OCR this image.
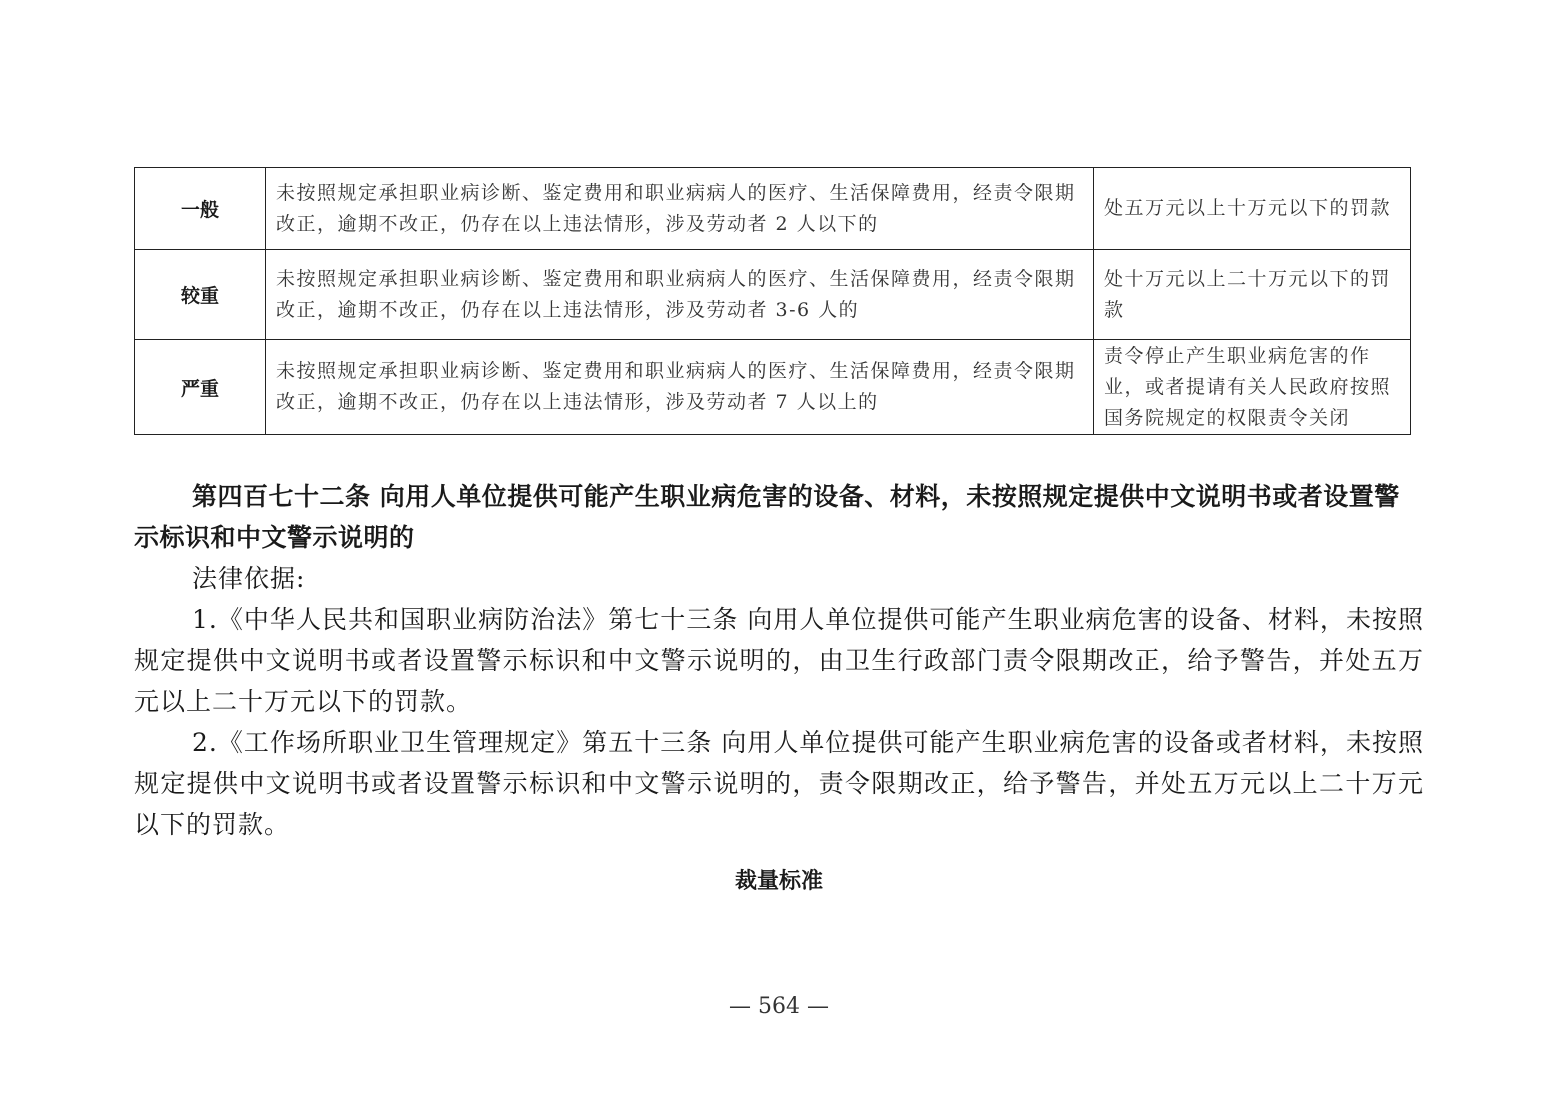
一般	未按照规定承担职业病诊断、鉴定费用和职业病病人的医疗、生活保障费用，经责令限期改正，逾期不改正，仍存在以上违法情形，涉及劳动者 2 人以下的	处五万元以上十万元以下的罚款
较重	未按照规定承担职业病诊断、鉴定费用和职业病病人的医疗、生活保障费用，经责令限期改正，逾期不改正，仍存在以上违法情形，涉及劳动者 3-6 人的	处十万元以上二十万元以下的罚款
严重	未按照规定承担职业病诊断、鉴定费用和职业病病人的医疗、生活保障费用，经责令限期改正，逾期不改正，仍存在以上违法情形，涉及劳动者 7 人以上的	责令停止产生职业病危害的作业，或者提请有关人民政府按照国务院规定的权限责令关闭

第四百七十二条 向用人单位提供可能产生职业病危害的设备、材料，未按照规定提供中文说明书或者设置警示标识和中文警示说明的

法律依据:

1.《中华人民共和国职业病防治法》第七十三条 向用人单位提供可能产生职业病危害的设备、材料，未按照规定提供中文说明书或者设置警示标识和中文警示说明的，由卫生行政部门责令限期改正，给予警告，并处五万元以上二十万元以下的罚款。

2.《工作场所职业卫生管理规定》第五十三条 向用人单位提供可能产生职业病危害的设备或者材料，未按照规定提供中文说明书或者设置警示标识和中文警示说明的，责令限期改正，给予警告，并处五万元以上二十万元以下的罚款。

裁量标准
— 564 —
